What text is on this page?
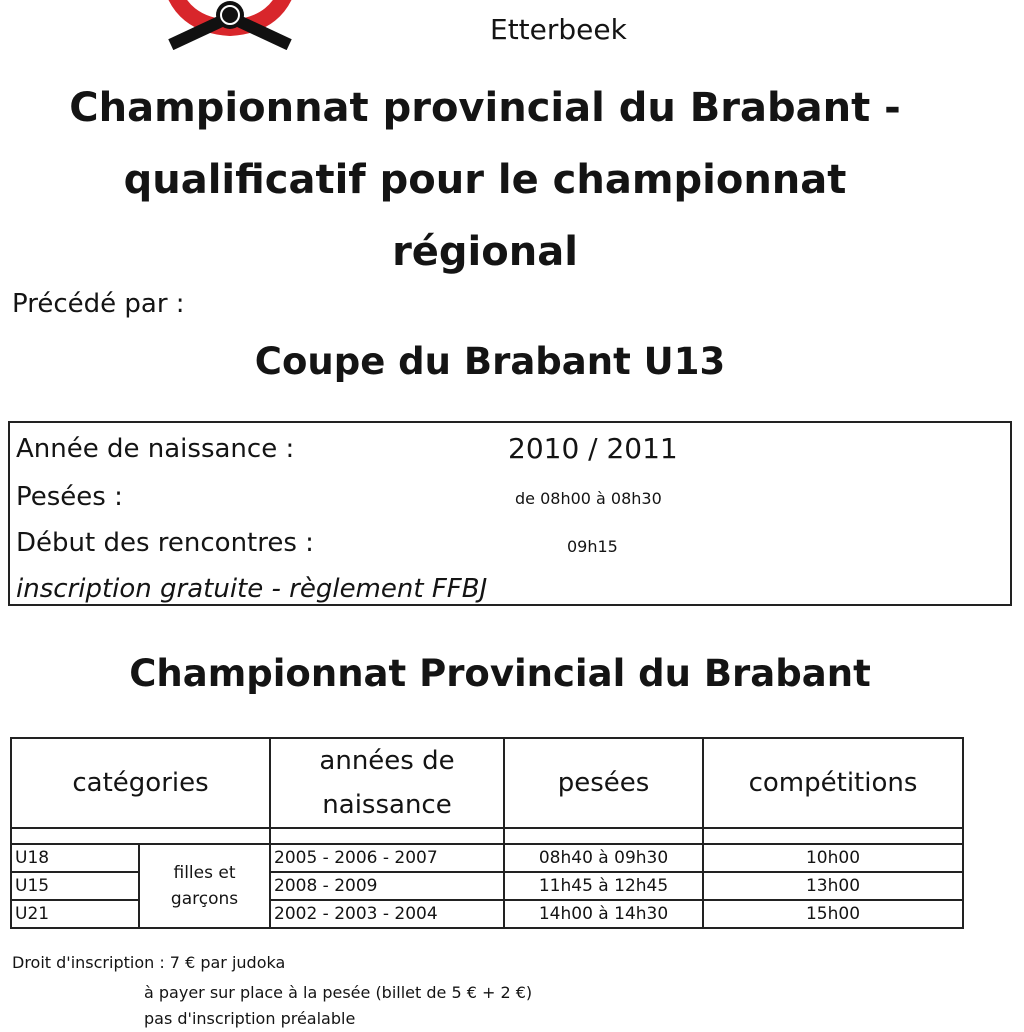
Etterbeek
Championnat provincial du Brabant -
qualificatif pour le championnat
régional
Précédé par :
Coupe du Brabant U13
Année de naissance :	2010 / 2011
Pesées :	de 08h00 à 08h30
Début des rencontres :	09h15
inscription gratuite - règlement FFBJ
Championnat Provincial du Brabant
catégories		années de naissance	pesées	compétitions

U18	filles et garçons	2005 - 2006 - 2007	08h40 à 09h30	10h00
U15		2008 - 2009	11h45 à 12h45	13h00
U21		2002 - 2003 - 2004	14h00 à 14h30	15h00
Droit d'inscription : 7 € par judoka
à payer sur place à la pesée (billet de 5 € + 2 €)
pas d'inscription préalable
